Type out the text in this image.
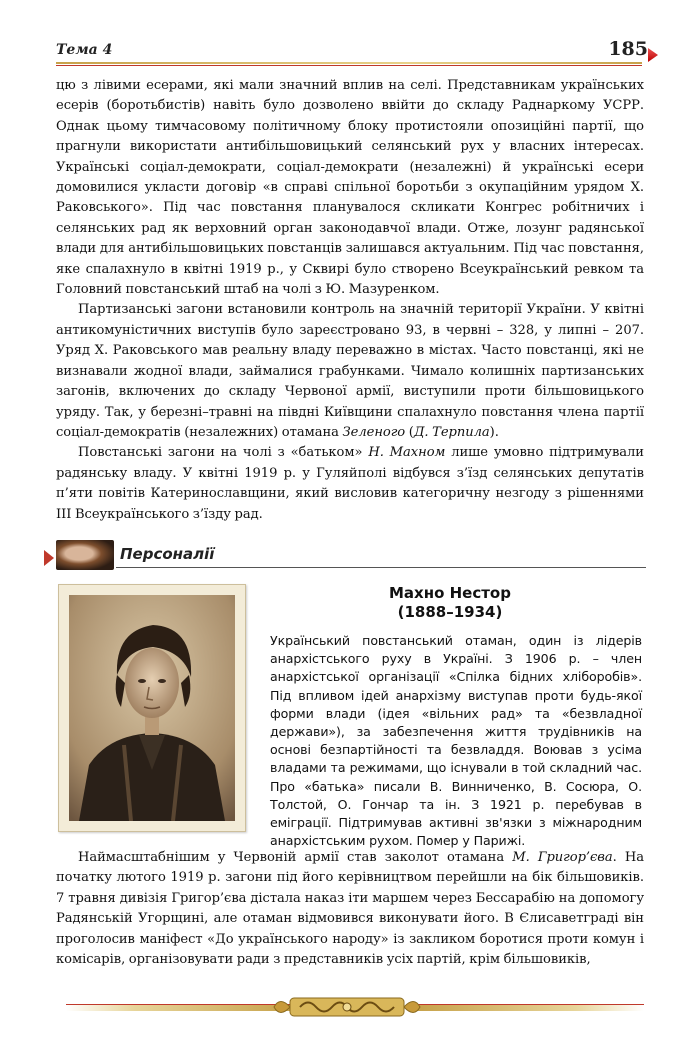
Тема 4	185

цю з лівими есерами, які мали значний вплив на селі. Представникам українських есерів (боротьбистів) навіть було дозволено ввійти до складу Раднаркому УСРР. Однак цьому тимчасовому політичному блоку протистояли опозиційні партії, що прагнули використати антибільшовицький селянський рух у власних інтересах. Українські соціал-демократи, соціал-демократи (незалежні) й українські есери домовилися укласти договір «в справі спільної боротьби з окупаційним урядом Х. Раковського». Під час повстання планувалося скликати Конгрес робітничих і селянських рад як верховний орган законодавчої влади. Отже, лозунг радянської влади для антибільшовицьких повстанців залишався актуальним. Під час повстання, яке спалахнуло в квітні 1919 р., у Сквирі було створено Всеукраїнський ревком та Головний повстанський штаб на чолі з Ю. Мазуренком.

Партизанські загони встановили контроль на значній території України. У квітні антикомуністичних виступів було зареєстровано 93, в червні – 328, у липні – 207. Уряд Х. Раковського мав реальну владу переважно в містах. Часто повстанці, які не визнавали жодної влади, займалися грабунками. Чимало колишніх партизанських загонів, включених до складу Червоної армії, виступили проти більшовицького уряду. Так, у березні–травні на півдні Київщини спалахнуло повстання члена партії соціал-демократів (незалежних) отамана Зеленого (Д. Терпила).

Повстанські загони на чолі з «батьком» Н. Махном лише умовно підтримували радянську владу. У квітні 1919 р. у Гуляйполі відбувся з’їзд селянських депутатів п’яти повітів Катеринославщини, який висловив категоричну незгоду з рішеннями ІІІ Всеукраїнського з’їзду рад.

Персоналії
Махно Нестор
(1888–1934)
Український повстанський отаман, один із лідерів анархістського руху в Україні. З 1906 р. – член анархістської організації «Спілка бідних хліборобів». Під впливом ідей анархізму виступав проти будь-якої форми влади (ідея «вільних рад» та «безвладної держави»), за забезпечення життя трудівників на основі безпартійності та безвладдя. Воював з усіма владами та режимами, що існували в той складний час. Про «батька» писали В. Винниченко, В. Сосюра, О. Толстой, О. Гончар та ін. З 1921 р. перебував в еміграції. Підтримував активні зв'язки з міжнародним анархістським рухом. Помер у Парижі.

Наймасштабнішим у Червоній армії став заколот отамана М. Григор’єва. На початку лютого 1919 р. загони під його керівництвом перейшли на бік більшовиків. 7 травня дивізія Григор’єва дістала наказ іти маршем через Бессарабію на допомогу Радянській Угорщині, але отаман відмовився виконувати його. В Єлисаветграді він проголосив маніфест «До українського народу» із закликом боротися проти комун і комісарів, організовувати ради з представників усіх партій, крім більшовиків,
